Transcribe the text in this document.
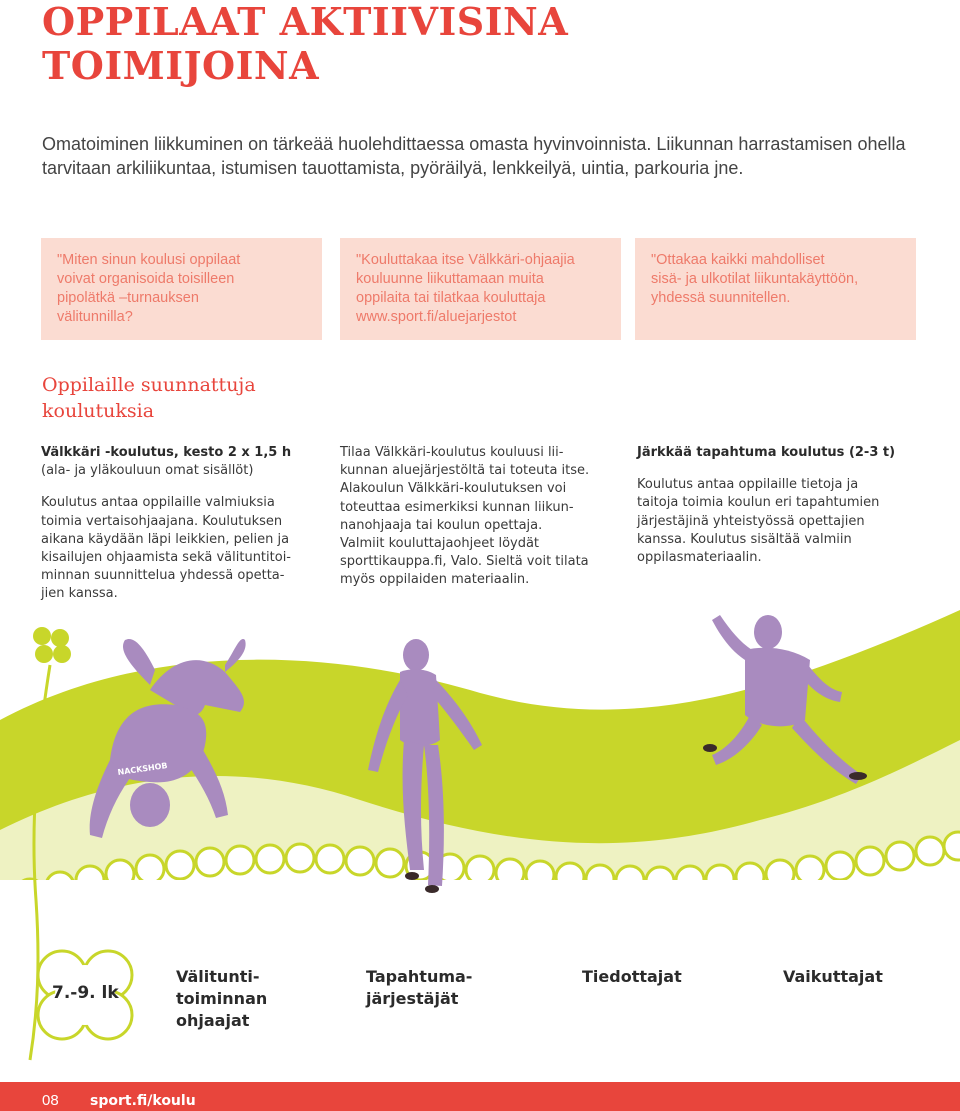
OPPILAAT AKTIIVISINA
TOIMIJOINA

Omatoiminen liikkuminen on tärkeää huolehdittaessa omasta hyvinvoinnista. Liikunnan harrastamisen ohella tarvitaan arkiliikuntaa, istumisen tauottamista, pyöräilyä, lenkkeilyä, uintia, parkouria jne.

"Miten sinun koulusi oppilaat
voivat organisoida toisilleen
pipolätkä –turnauksen
välitunnilla?
"Kouluttakaa itse Välkkäri-ohjaajia
kouluunne liikuttamaan muita
oppilaita tai tilatkaa kouluttaja
www.sport.fi/aluejarjestot
"Ottakaa kaikki mahdolliset
sisä- ja ulkotilat liikuntakäyttöön,
yhdessä suunnitellen.
Oppilaille suunnattuja
koulutuksia

Välkkäri -koulutus, kesto 2 x 1,5 h

(ala- ja yläkouluun omat sisällöt)

Koulutus antaa oppilaille valmiuksia
toimia vertaisohjaajana. Koulutuksen
aikana käydään läpi leikkien, pelien ja
kisailujen ohjaamista sekä välituntitoi-
minnan suunnittelua yhdessä opetta-
jien kanssa.

Tilaa Välkkäri-koulutus kouluusi lii-
kunnan aluejärjestöltä tai toteuta itse.
Alakoulun Välkkäri-koulutuksen voi
toteuttaa esimerkiksi kunnan liikun-
nanohjaaja tai koulun opettaja.
Valmiit kouluttajaohjeet löydät
sporttikauppa.fi, Valo. Sieltä voit tilata
myös oppilaiden materiaalin.

Järkkää tapahtuma koulutus (2-3 t)

Koulutus antaa oppilaille tietoja ja
taitoja toimia koulun eri tapahtumien
järjestäjinä yhteistyössä opettajien
kanssa. Koulutus sisältää valmiin
oppilasmateriaalin.

NACKSHOB
7.-9. lk

Välitunti-
toiminnan
ohjaajat

Tapahtuma-
järjestäjät

Tiedottajat	Vaikuttajat

08 sport.fi/koulu
